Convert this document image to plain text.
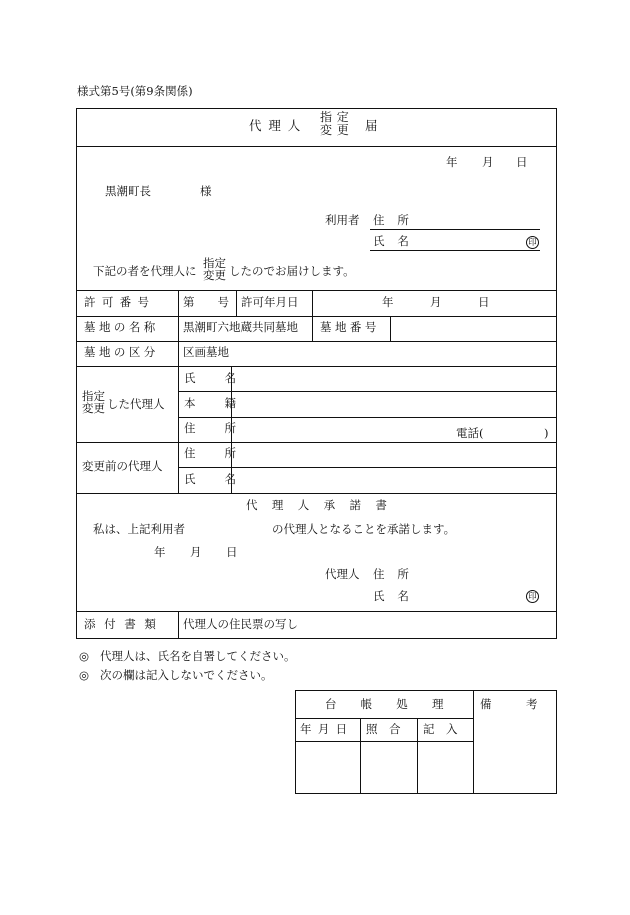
様式第5号(第9条関係)
代理人
指定
変更 届
年 月 日
黒潮町長	様
利用者 住 所
氏 名	印
下記の者を代理人に
指定
変更 したのでお届けします。
許可番号 第　　号 許可年月日	年	月	日
墓地の名称 黒潮町六地蔵共同墓地 墓地番号
墓地の区分 区画墓地
指定
変更 した代理人
氏 名
本 籍
住 所	電話(	)
変更前の代理人
住 所
氏 名
代理人承諾書
私は、上記利用者	の代理人となることを承諾します。
年 月 日
代理人 住 所
氏 名	印
添付書類 代理人の住民票の写し
◎ 代理人は、氏名を自署してください。
◎ 次の欄は記入しないでください。
台帳処理 備　　　考
年月日 照　合 記　入
